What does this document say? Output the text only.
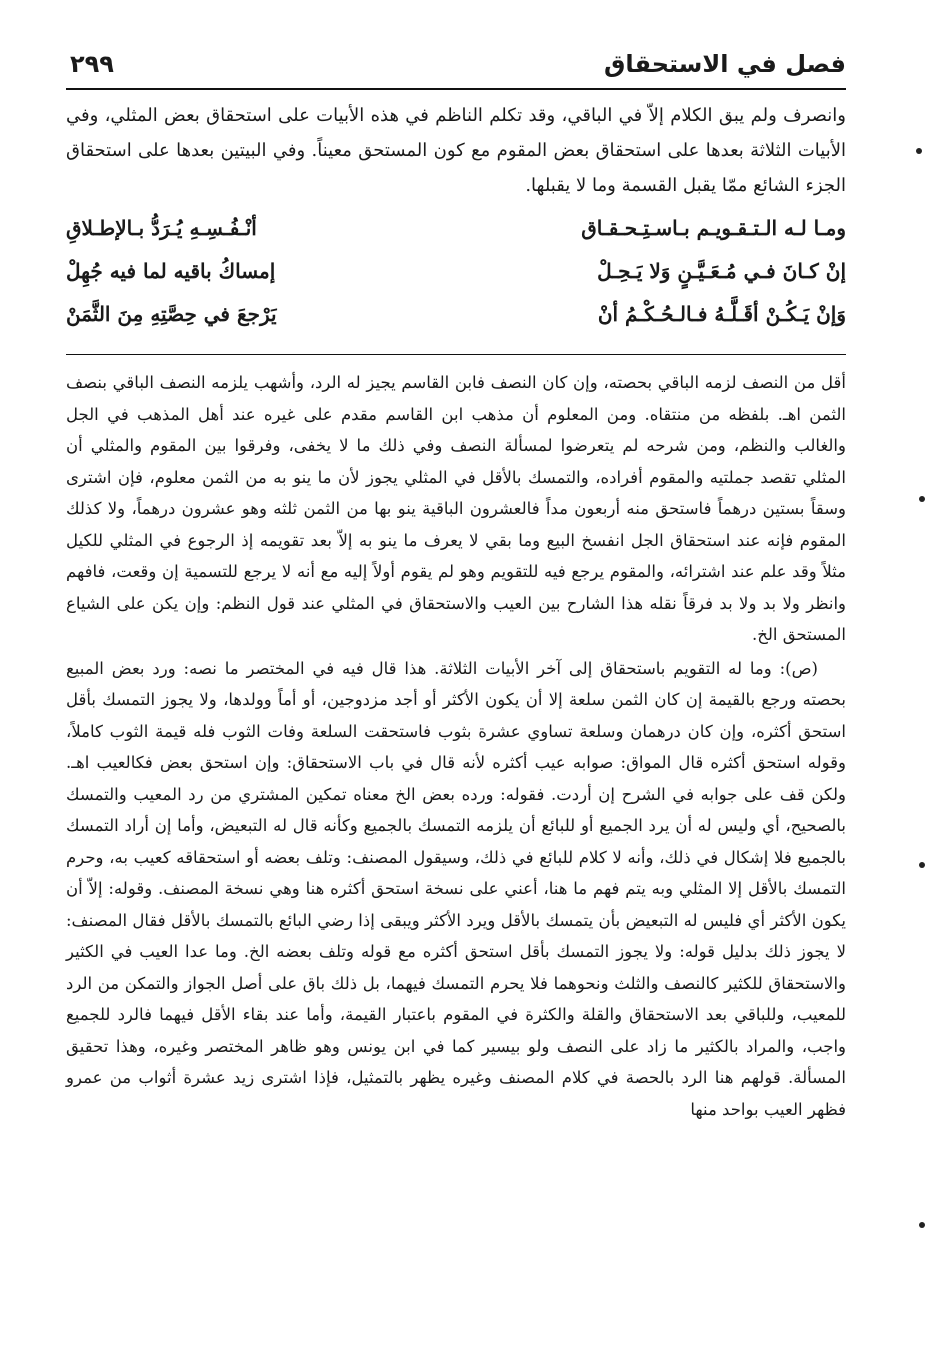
فصل في الاستحقاق
٢٩٩
وانصرف ولم يبق الكلام إلاّ في الباقي، وقد تكلم الناظم في هذه الأبيات على استحقاق بعض المثلي، وفي الأبيات الثلاثة بعدها على استحقاق بعض المقوم مع كون المستحق معيناً. وفي البيتين بعدها على استحقاق الجزء الشائع ممّا يقبل القسمة وما لا يقبلها.
ومـا لـه الـتـقـويـم بـاسـتِـحـقـاق
أنْـفُـسِـهِ يُـرَدُّ بـالإطـلاقِ
إنْ كـانَ فـي مُـعَـيَّـنٍ وَلا يَـحِـلْ
إمساكُ باقيه لما فيه جُهِلْ
وَإنْ يَـكُـنْ أقَـلَّـهُ فـالـحُـكْـمُ أنْ
يَرْجعَ في حِصَّتِهِ مِنَ الثَّمَنْ

أقل من النصف لزمه الباقي بحصته، وإن كان النصف فابن القاسم يجيز له الرد، وأشهب يلزمه النصف الباقي بنصف الثمن اهـ. بلفظه من منتقاه. ومن المعلوم أن مذهب ابن القاسم مقدم على غيره عند أهل المذهب في الجل والغالب والنظم، ومن شرحه لم يتعرضوا لمسألة النصف وفي ذلك ما لا يخفى، وفرقوا بين المقوم والمثلي أن المثلي تقصد جملتيه والمقوم أفراده، والتمسك بالأقل في المثلي يجوز لأن ما ينو به من الثمن معلوم، فإن اشترى وسقاً بستين درهماً فاستحق منه أربعون مداً فالعشرون الباقية ينو بها من الثمن ثلثه وهو عشرون درهماً، ولا كذلك المقوم فإنه عند استحقاق الجل انفسخ البيع وما بقي لا يعرف ما ينو به إلاّ بعد تقويمه إذ الرجوع في المثلي للكيل مثلاً وقد علم عند اشترائه، والمقوم يرجع فيه للتقويم وهو لم يقوم أولاً إليه مع أنه لا يرجع للتسمية إن وقعت، فافهم وانظر ولا بد ولا بد فرقاً نقله هذا الشارح بين العيب والاستحقاق في المثلي عند قول النظم: وإن يكن على الشياع المستحق الخ.

(ص): وما له التقويم باستحقاق إلى آخر الأبيات الثلاثة. هذا قال فيه في المختصر ما نصه: ورد بعض المبيع بحصته ورجع بالقيمة إن كان الثمن سلعة إلا أن يكون الأكثر أو أجد مزدوجين، أو أماً وولدها، ولا يجوز التمسك بأقل استحق أكثره، وإن كان درهمان وسلعة تساوي عشرة بثوب فاستحقت السلعة وفات الثوب فله قيمة الثوب كاملاً، وقوله استحق أكثره قال المواق: صوابه عيب أكثره لأنه قال في باب الاستحقاق: وإن استحق بعض فكالعيب اهـ. ولكن قف على جوابه في الشرح إن أردت. فقوله: ورده بعض الخ معناه تمكين المشتري من رد المعيب والتمسك بالصحيح، أي وليس له أن يرد الجميع أو للبائع أن يلزمه التمسك بالجميع وكأنه قال له التبعيض، وأما إن أراد التمسك بالجميع فلا إشكال في ذلك، وأنه لا كلام للبائع في ذلك، وسيقول المصنف: وتلف بعضه أو استحقاقه كعيب به، وحرم التمسك بالأقل إلا المثلي وبه يتم فهم ما هنا، أعني على نسخة استحق أكثره هنا وهي نسخة المصنف. وقوله: إلاّ أن يكون الأكثر أي فليس له التبعيض بأن يتمسك بالأقل ويرد الأكثر ويبقى إذا رضي البائع بالتمسك بالأقل فقال المصنف: لا يجوز ذلك بدليل قوله: ولا يجوز التمسك بأقل استحق أكثره مع قوله وتلف بعضه الخ. وما عدا العيب في الكثير والاستحقاق للكثير كالنصف والثلث ونحوهما فلا يحرم التمسك فيهما، بل ذلك باق على أصل الجواز والتمكن من الرد للمعيب، وللباقي بعد الاستحقاق والقلة والكثرة في المقوم باعتبار القيمة، وأما عند بقاء الأقل فيهما فالرد للجميع واجب، والمراد بالكثير ما زاد على النصف ولو بيسير كما في ابن يونس وهو ظاهر المختصر وغيره، وهذا تحقيق المسألة. قولهم هنا الرد بالحصة في كلام المصنف وغيره يظهر بالتمثيل، فإذا اشترى زيد عشرة أثواب من عمرو فظهر العيب بواحد منها
